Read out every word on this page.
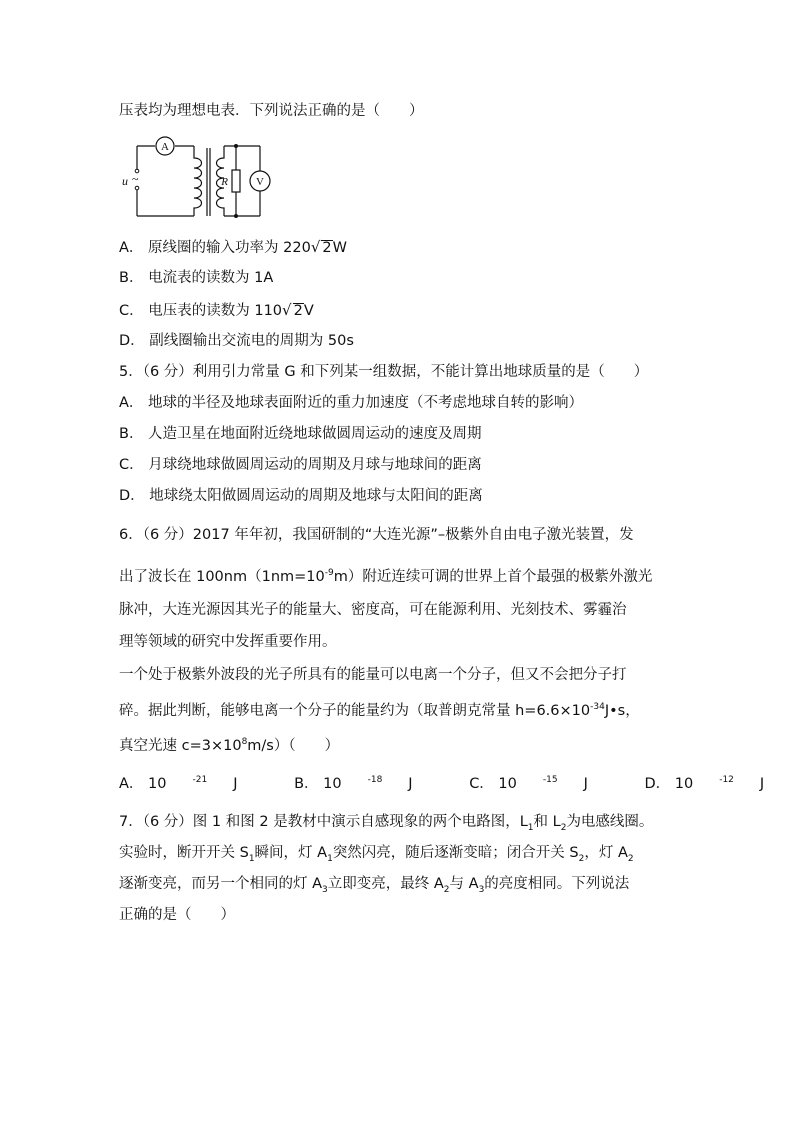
压表均为理想电表．下列说法正确的是（　　）
A
V
R
u ~
A． 原线圈的输入功率为 220√ 2W
B． 电流表的读数为 1A
C． 电压表的读数为 110√ 2V
D． 副线圈输出交流电的周期为 50s
5．（6 分）利用引力常量 G 和下列某一组数据，不能计算出地球质量的是（　　）
A． 地球的半径及地球表面附近的重力加速度（不考虑地球自转的影响）
B． 人造卫星在地面附近绕地球做圆周运动的速度及周期
C． 月球绕地球做圆周运动的周期及月球与地球间的距离
D． 地球绕太阳做圆周运动的周期及地球与太阳间的距离
6．（6 分）2017 年年初，我国研制的“大连光源”–极紫外自由电子激光装置，发
出了波长在 $100nm(1nm=10^{-9}m)$附近连续可调的世界上首个最强的极紫外激光
脉冲，大连光源因其光子的能量大、密度高，可在能源利用、光刻技术、雾霾治
理等领域的研究中发挥重要作用。
一个处于极紫外波段的光子所具有的能量可以电离一个分子，但又不会把分子打
碎。据此判断，能够电离一个分子的能量约为（取普朗克常量 $h=6.6\times 10^{-34}J•s$，
真空光速 $c=3\times 10^8m/s$）（　　）
A． 10	$^{-21}$ J	B． 10	$^{-18}$ J	C． 10	$^{-15}$ J	D． 10	$^{-12}$ J
7．（6 分）图 1 和图 2 是教材中演示自感现象的两个电路图，$L_1$和 $L_2$为电感线圈。
实验时，断开开关 $S_1$瞬间，灯 $A_1$突然闪亮，随后逐渐变暗；闭合开关 $S_2$，灯 $A_2$
逐渐变亮，而另一个相同的灯 $A_3$立即变亮，最终 $A_2$与 $A_3$的亮度相同。下列说法
正确的是（　　）
